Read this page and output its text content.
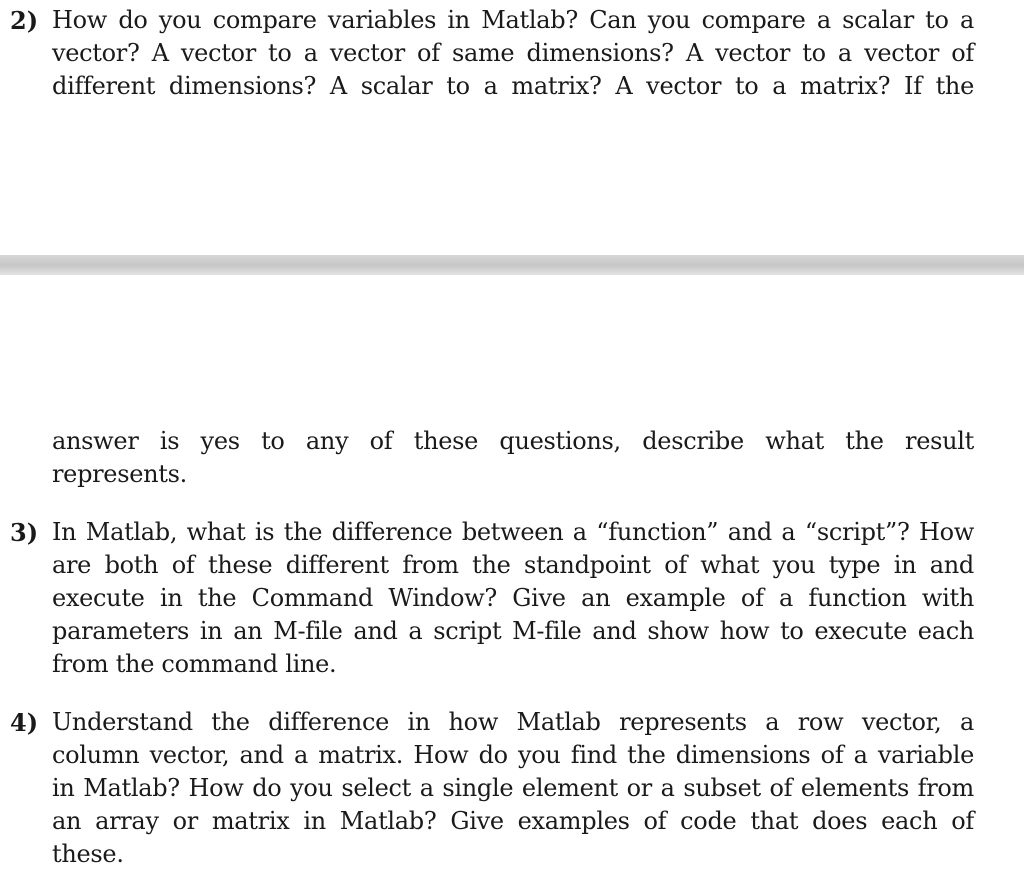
2) How do you compare variables in Matlab? Can you compare a scalar to a
vector? A vector to a vector of same dimensions? A vector to a vector of
different dimensions? A scalar to a matrix? A vector to a matrix? If the
answer is yes to any of these questions, describe what the result
represents.
3) In Matlab, what is the difference between a “function” and a “script”? How
are both of these different from the standpoint of what you type in and
execute in the Command Window? Give an example of a function with
parameters in an M-file and a script M-file and show how to execute each
from the command line.
4) Understand the difference in how Matlab represents a row vector, a
column vector, and a matrix. How do you find the dimensions of a variable
in Matlab? How do you select a single element or a subset of elements from
an array or matrix in Matlab? Give examples of code that does each of
these.
